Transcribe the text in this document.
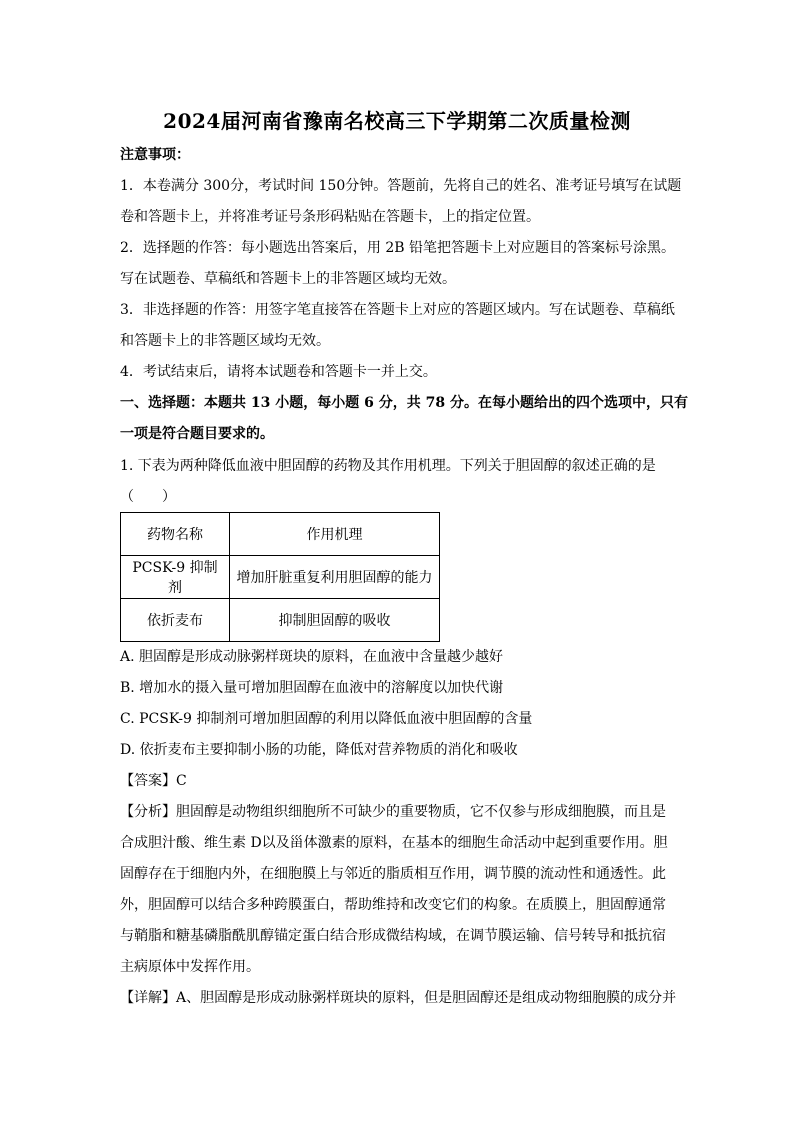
2024届河南省豫南名校高三下学期第二次质量检测
注意事项：
1．本卷满分 300分，考试时间 150分钟。答题前，先将自己的姓名、准考证号填写在试题
卷和答题卡上，并将准考证号条形码粘贴在答题卡，上的指定位置。
2．选择题的作答：每小题选出答案后，用 2B 铅笔把答题卡上对应题目的答案标号涂黑。
写在试题卷、草稿纸和答题卡上的非答题区域均无效。
3．非选择题的作答：用签字笔直接答在答题卡上对应的答题区域内。写在试题卷、草稿纸
和答题卡上的非答题区域均无效。
4．考试结束后，请将本试题卷和答题卡一并上交。
一、选择题：本题共 13 小题，每小题 6 分，共 78 分。在每小题给出的四个选项中，只有
一项是符合题目要求的。
1. 下表为两种降低血液中胆固醇的药物及其作用机理。下列关于胆固醇的叙述正确的是
（　　）
药物名称	作用机理
PCSK-9 抑制剂	增加肝脏重复利用胆固醇的能力
依折麦布	抑制胆固醇的吸收
A. 胆固醇是形成动脉粥样斑块的原料，在血液中含量越少越好
B. 增加水的摄入量可增加胆固醇在血液中的溶解度以加快代谢
C. PCSK-9 抑制剂可增加胆固醇的利用以降低血液中胆固醇的含量
D. 依折麦布主要抑制小肠的功能，降低对营养物质的消化和吸收
【答案】C
【分析】胆固醇是动物组织细胞所不可缺少的重要物质，它不仅参与形成细胞膜，而且是
合成胆汁酸、维生素 D以及甾体激素的原料，在基本的细胞生命活动中起到重要作用。胆
固醇存在于细胞内外，在细胞膜上与邻近的脂质相互作用，调节膜的流动性和通透性。此
外，胆固醇可以结合多种跨膜蛋白，帮助维持和改变它们的构象。在质膜上，胆固醇通常
与鞘脂和糖基磷脂酰肌醇锚定蛋白结合形成微结构域，在调节膜运输、信号转导和抵抗宿
主病原体中发挥作用。
【详解】A、胆固醇是形成动脉粥样斑块的原料，但是胆固醇还是组成动物细胞膜的成分并
